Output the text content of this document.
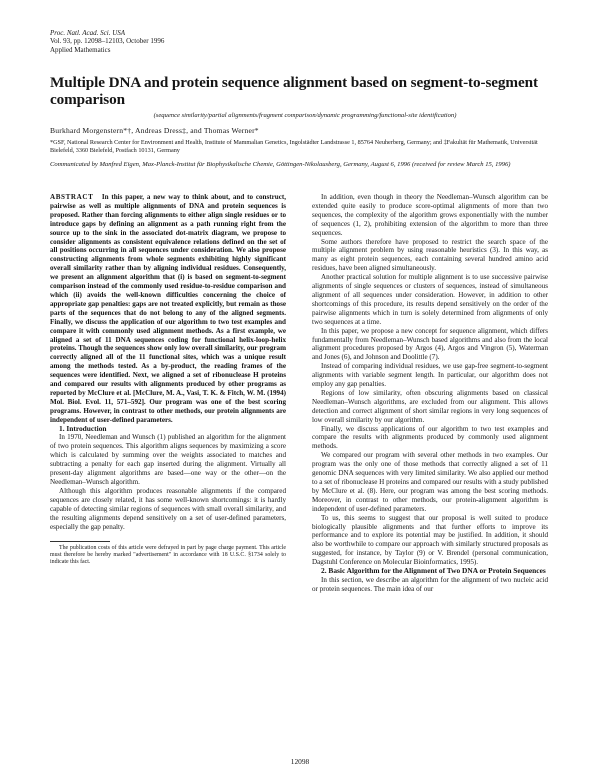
Proc. Natl. Acad. Sci. USA
Vol. 93, pp. 12098–12103, October 1996
Applied Mathematics
Multiple DNA and protein sequence alignment based on segment-to-segment comparison
(sequence similarity/partial alignments/fragment comparison/dynamic programming/functional-site identification)
Burkhard Morgenstern*†, Andreas Dress‡, and Thomas Werner*
*GSF, National Research Center for Environment and Health, Institute of Mammalian Genetics, Ingolstädter Landstrasse 1, 85764 Neuherberg, Germany; and ‡Fakultät für Mathematik, Universität Bielefeld, 3360 Bielefeld, Postfach 10131, Germany
Communicated by Manfred Eigen, Max-Planck-Institut für Biophysikalische Chemie, Göttingen-Nikolausberg, Germany, August 6, 1996 (received for review March 15, 1996)

ABSTRACT In this paper, a new way to think about, and to construct, pairwise as well as multiple alignments of DNA and protein sequences is proposed. Rather than forcing alignments to either align single residues or to introduce gaps by defining an alignment as a path running right from the source up to the sink in the associated dot-matrix diagram, we propose to consider alignments as consistent equivalence relations defined on the set of all positions occurring in all sequences under consideration. We also propose constructing alignments from whole segments exhibiting highly significant overall similarity rather than by aligning individual residues. Consequently, we present an alignment algorithm that (i) is based on segment-to-segment comparison instead of the commonly used residue-to-residue comparison and which (ii) avoids the well-known difficulties concerning the choice of appropriate gap penalties: gaps are not treated explicitly, but remain as those parts of the sequences that do not belong to any of the aligned segments. Finally, we discuss the application of our algorithm to two test examples and compare it with commonly used alignment methods. As a first example, we aligned a set of 11 DNA sequences coding for functional helix-loop-helix proteins. Though the sequences show only low overall similarity, our program correctly aligned all of the 11 functional sites, which was a unique result among the methods tested. As a by-product, the reading frames of the sequences were identified. Next, we aligned a set of ribonuclease H proteins and compared our results with alignments produced by other programs as reported by McClure et al. [McClure, M. A., Vasi, T. K. & Fitch, W. M. (1994) Mol. Biol. Evol. 11, 571–592]. Our program was one of the best scoring programs. However, in contrast to other methods, our protein alignments are independent of user-defined parameters.

1. Introduction

In 1970, Needleman and Wunsch (1) published an algorithm for the alignment of two protein sequences. This algorithm aligns sequences by maximizing a score which is calculated by summing over the weights associated to matches and subtracting a penalty for each gap inserted during the alignment. Virtually all present-day alignment algorithms are based—one way or the other—on the Needleman–Wunsch algorithm.

Although this algorithm produces reasonable alignments if the compared sequences are closely related, it has some well-known shortcomings: it is hardly capable of detecting similar regions of sequences with small overall similarity, and the resulting alignments depend sensitively on a set of user-defined parameters, especially the gap penalty.

The publication costs of this article were defrayed in part by page charge payment. This article must therefore be hereby marked "advertisement" in accordance with 18 U.S.C. §1734 solely to indicate this fact.

In addition, even though in theory the Needleman–Wunsch algorithm can be extended quite easily to produce score-optimal alignments of more than two sequences, the complexity of the algorithm grows exponentially with the number of sequences (1, 2), prohibiting extension of the algorithm to more than three sequences.

Some authors therefore have proposed to restrict the search space of the multiple alignment problem by using reasonable heuristics (3). In this way, as many as eight protein sequences, each containing several hundred amino acid residues, have been aligned simultaneously.

Another practical solution for multiple alignment is to use successive pairwise alignments of single sequences or clusters of sequences, instead of simultaneous alignment of all sequences under consideration. However, in addition to other shortcomings of this procedure, its results depend sensitively on the order of the pairwise alignments which in turn is solely determined from alignments of only two sequences at a time.

In this paper, we propose a new concept for sequence alignment, which differs fundamentally from Needleman–Wunsch based algorithms and also from the local alignment procedures proposed by Argos (4), Argos and Vingron (5), Waterman and Jones (6), and Johnson and Doolittle (7).

Instead of comparing individual residues, we use gap-free segment-to-segment alignments with variable segment length. In particular, our algorithm does not employ any gap penalties.

Regions of low similarity, often obscuring alignments based on classical Needleman–Wunsch algorithms, are excluded from our alignment. This allows detection and correct alignment of short similar regions in very long sequences of low overall similarity by our algorithm.

Finally, we discuss applications of our algorithm to two test examples and compare the results with alignments produced by commonly used alignment methods.

We compared our program with several other methods in two examples. Our program was the only one of those methods that correctly aligned a set of 11 genomic DNA sequences with very limited similarity. We also applied our method to a set of ribonuclease H proteins and compared our results with a study published by McClure et al. (8). Here, our program was among the best scoring methods. Moreover, in contrast to other methods, our protein-alignment algorithm is independent of user-defined parameters.

To us, this seems to suggest that our proposal is well suited to produce biologically plausible alignments and that further efforts to improve its performance and to explore its potential may be justified. In addition, it should also be worthwhile to compare our approach with similarly structured proposals as suggested, for instance, by Taylor (9) or V. Brendel (personal communication, Dagstuhl Conference on Molecular Bioinformatics, 1995).

2. Basic Algorithm for the Alignment of Two DNA or Protein Sequences

In this section, we describe an algorithm for the alignment of two nucleic acid or protein sequences. The main idea of our

12098
